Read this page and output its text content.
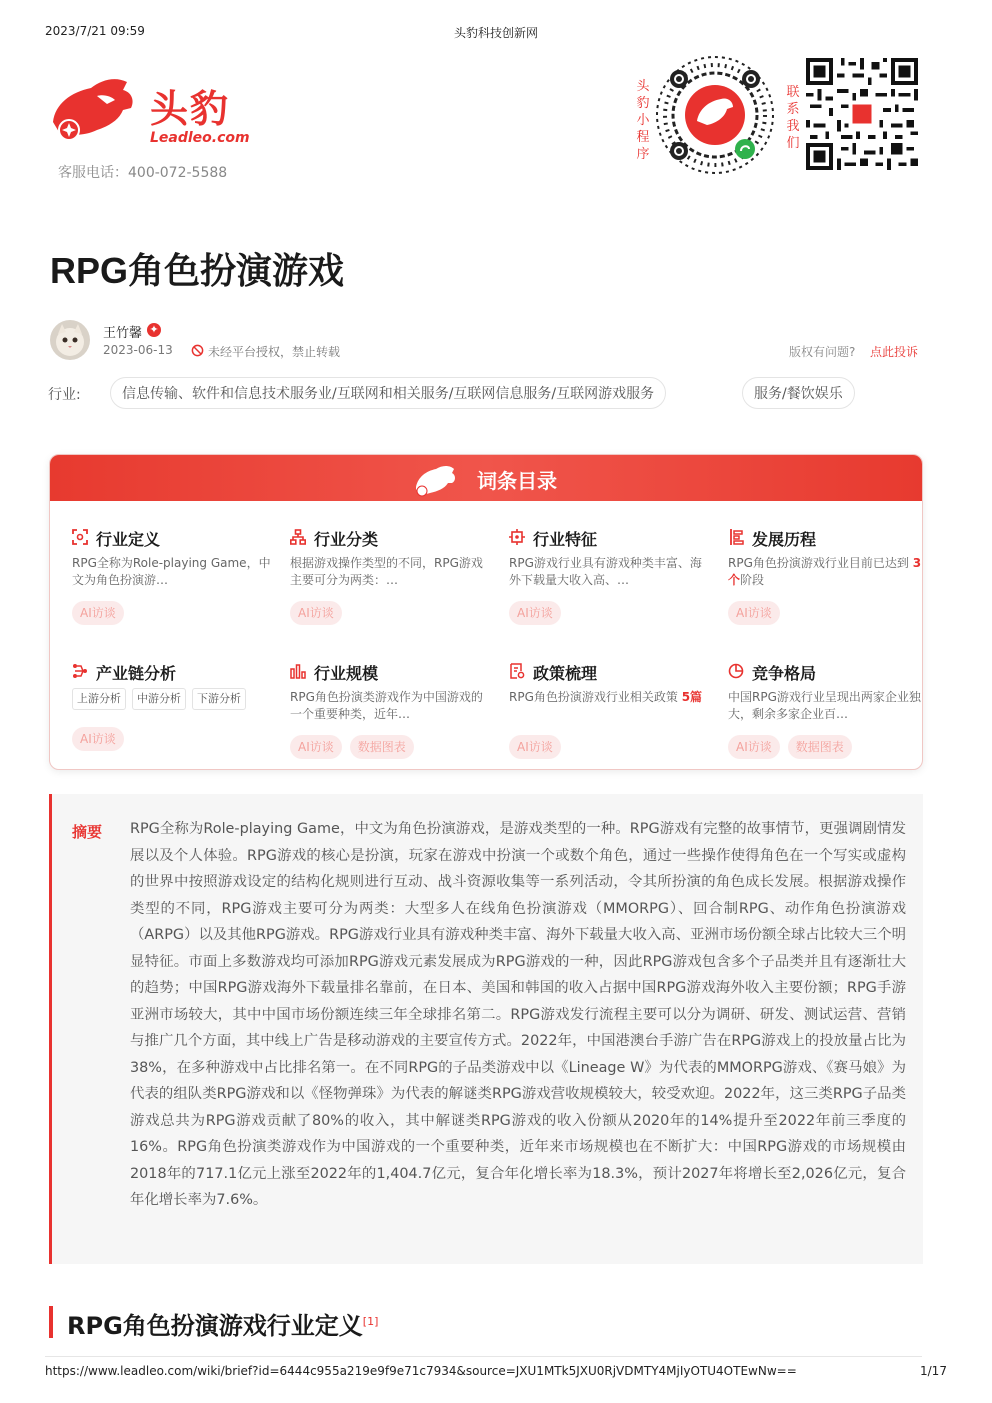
2023/7/21 09:59	头豹科技创新网
头豹
Leadleo.com
客服电话：400-072-5588
头豹小程序
联系我们
RPG角色扮演游戏
王竹馨 ✦
2023-06-13	未经平台授权，禁止转载	版权有问题? 点此投诉
行业:	信息传输、软件和信息技术服务业/互联网和相关服务/互联网信息服务/互联网游戏服务	服务/餐饮娱乐
词条目录
行业定义
RPG全称为Role-playing Game，中文为角色扮演游…
AI访谈
行业分类
根据游戏操作类型的不同，RPG游戏主要可分为两类：…
AI访谈
行业特征
RPG游戏行业具有游戏种类丰富、海外下载量大收入高、…
AI访谈
发展历程
RPG角色扮演游戏行业目前已达到 3个阶段
AI访谈
产业链分析
上游分析 中游分析 下游分析
AI访谈
行业规模
RPG角色扮演类游戏作为中国游戏的一个重要种类，近年…
AI访谈 数据图表
政策梳理
RPG角色扮演游戏行业相关政策 5篇
AI访谈
竞争格局
中国RPG游戏行业呈现出两家企业独大，剩余多家企业百…
AI访谈 数据图表
摘要 RPG全称为Role-playing Game，中文为角色扮演游戏，是游戏类型的一种。RPG游戏有完整的故事情节，更强调剧情发展以及个人体验。RPG游戏的核心是扮演，玩家在游戏中扮演一个或数个角色，通过一些操作使得角色在一个写实或虚构的世界中按照游戏设定的结构化规则进行互动、战斗资源收集等一系列活动，令其所扮演的角色成长发展。根据游戏操作类型的不同，RPG游戏主要可分为两类：大型多人在线角色扮演游戏（MMORPG）、回合制RPG、动作角色扮演游戏（ARPG）以及其他RPG游戏。RPG游戏行业具有游戏种类丰富、海外下载量大收入高、亚洲市场份额全球占比较大三个明显特征。市面上多数游戏均可添加RPG游戏元素发展成为RPG游戏的一种，因此RPG游戏包含多个子品类并且有逐渐壮大的趋势；中国RPG游戏海外下载量排名靠前，在日本、美国和韩国的收入占据中国RPG游戏海外收入主要份额；RPG手游亚洲市场较大，其中中国市场份额连续三年全球排名第二。RPG游戏发行流程主要可以分为调研、研发、测试运营、营销与推广几个方面，其中线上广告是移动游戏的主要宣传方式。2022年，中国港澳台手游广告在RPG游戏上的投放量占比为38%，在多种游戏中占比排名第一。在不同RPG的子品类游戏中以《Lineage W》为代表的MMORPG游戏、《赛马娘》为代表的组队类RPG游戏和以《怪物弹珠》为代表的解谜类RPG游戏营收规模较大，较受欢迎。2022年，这三类RPG子品类游戏总共为RPG游戏贡献了80%的收入，其中解谜类RPG游戏的收入份额从2020年的14%提升至2022年前三季度的16%。RPG角色扮演类游戏作为中国游戏的一个重要种类，近年来市场规模也在不断扩大：中国RPG游戏的市场规模由2018年的717.1亿元上涨至2022年的1,404.7亿元，复合年化增长率为18.3%，预计2027年将增长至2,026亿元，复合年化增长率为7.6%。
RPG角色扮演游戏行业定义[1]
https://www.leadleo.com/wiki/brief?id=6444c955a219e9f9e71c7934&source=JXU1MTk5JXU0RjVDMTY4MjIyOTU4OTEwNw==	1/17
